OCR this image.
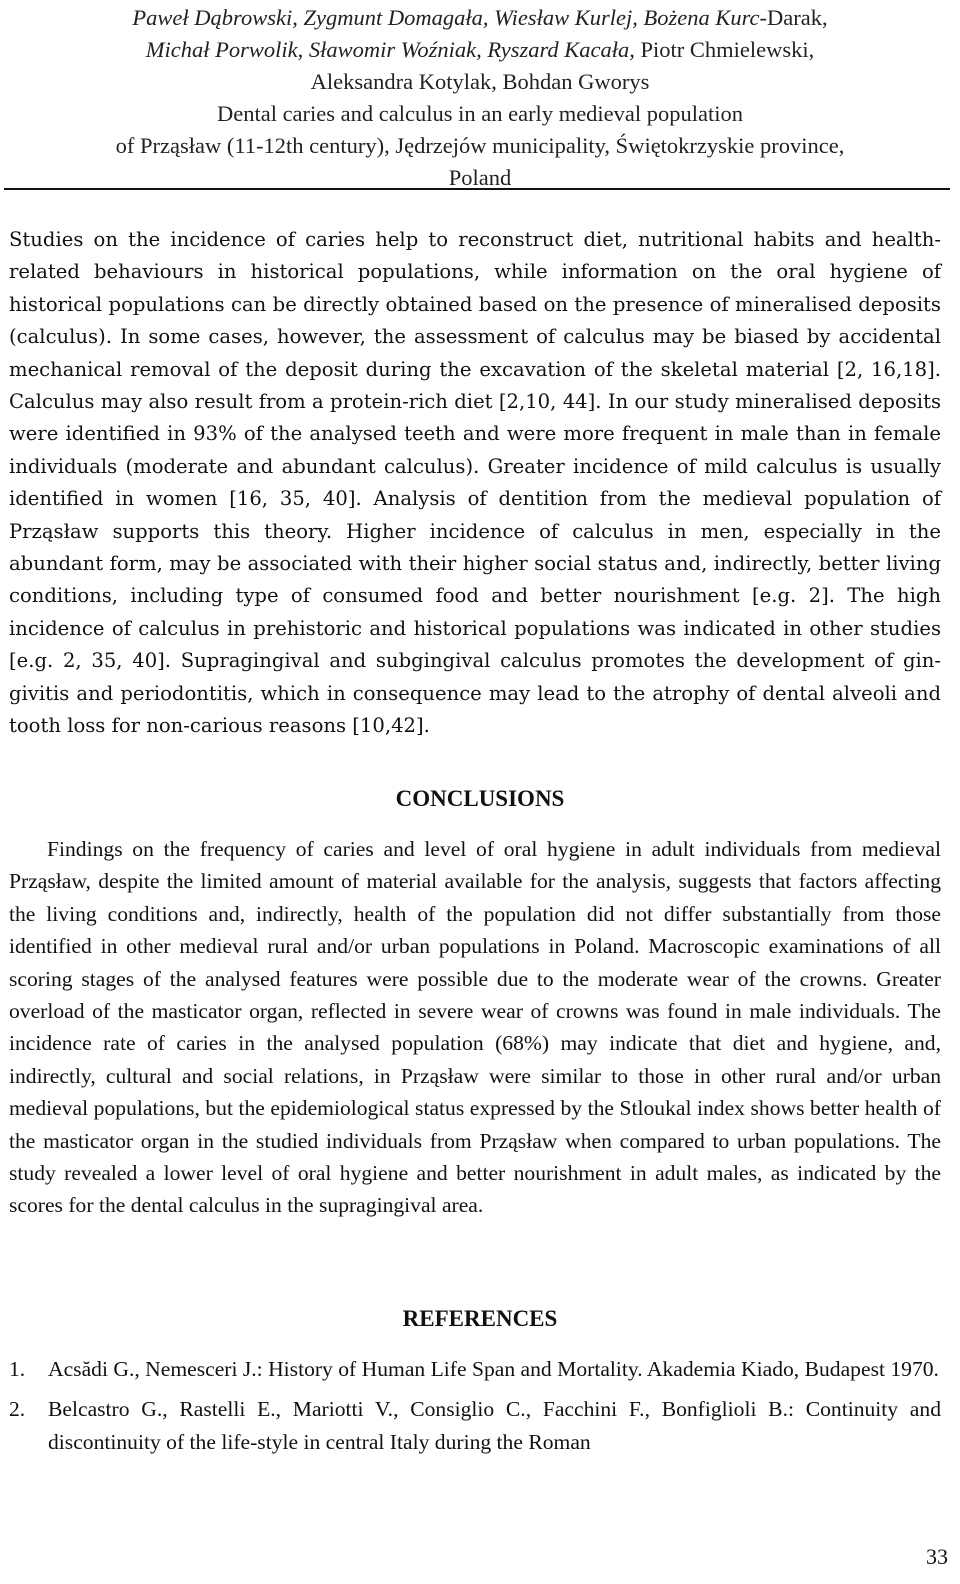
Paweł Dąbrowski, Zygmunt Domagała, Wiesław Kurlej, Bożena Kurc-Darak,
Michał Porwolik, Sławomir Woźniak, Ryszard Kacała, Piotr Chmielewski,
Aleksandra Kotylak, Bohdan Gworys
Dental caries and calculus in an early medieval population
of Prząsław (11-12th century), Jędrzejów municipality, Świętokrzyskie province,
Poland

Studies on the incidence of caries help to reconstruct diet, nutritional habits and health-related behaviours in historical populations, while information on the oral hygiene of historical populations can be directly obtained based on the presence of mineralised deposits (calculus). In some cases, however, the assessment of calculus may be biased by accidental mechanical removal of the deposit during the excavation of the skeletal material [2, 16,18]. Calculus may also result from a protein-rich diet [2,10, 44]. In our study mineralised deposits were identified in 93% of the analysed teeth and were more frequent in male than in female individuals (moderate and abundant calculus). Greater incidence of mild calculus is usually identified in women [16, 35, 40]. Analysis of dentition from the medieval population of Prząsław supports this theory. Higher incidence of calculus in men, especially in the abundant form, may be associated with their higher social status and, indirectly, better living conditions, including type of consumed food and better nourishment [e.g. 2]. The high incidence of calculus in prehistoric and historical populations was indicated in other studies [e.g. 2, 35, 40]. Supragingival and subgingival calculus promotes the development of gingivitis and periodontitis, which in consequence may lead to the atrophy of dental alveoli and tooth loss for non-carious reasons [10,42].

CONCLUSIONS

Findings on the frequency of caries and level of oral hygiene in adult individuals from medieval Prząsław, despite the limited amount of material available for the analysis, suggests that factors affecting the living conditions and, indirectly, health of the population did not differ substantially from those identified in other medieval rural and/or urban populations in Poland. Macroscopic examinations of all scoring stages of the analysed features were possible due to the moderate wear of the crowns. Greater overload of the masticator organ, reflected in severe wear of crowns was found in male individuals. The incidence rate of caries in the analysed population (68%) may indicate that diet and hygiene, and, indirectly, cultural and social relations, in Prząsław were similar to those in other rural and/or urban medieval populations, but the epidemiological status expressed by the Stloukal index shows better health of the masticator organ in the studied individuals from Prząsław when compared to urban populations. The study revealed a lower level of oral hygiene and better nourishment in adult males, as indicated by the scores for the dental calculus in the supragingival area.

REFERENCES
1. Acsădi G., Nemesceri J.: History of Human Life Span and Mortality. Akademia Kiado, Budapest 1970.
2. Belcastro G., Rastelli E., Mariotti V., Consiglio C., Facchini F., Bonfiglioli B.: Continuity and discontinuity of the life-style in central Italy during the Roman
33
